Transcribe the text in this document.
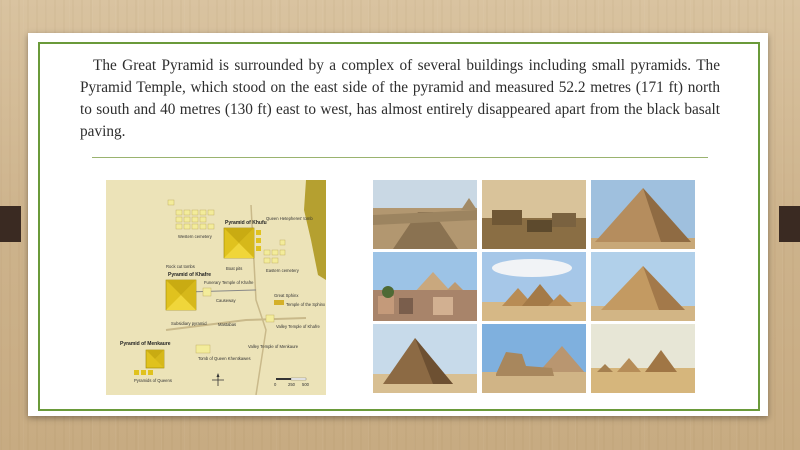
The Great Pyramid is surrounded by a complex of several buildings including small pyramids. The Pyramid Temple, which stood on the east side of the pyramid and measured 52.2 metres (171 ft) north to south and 40 metres (130 ft) east to west, has almost entirely disappeared apart from the black basalt paving.

Western cemetery
Pyramid of Khufu
Eastern cemetery
Queen Hetepheres' tomb
Pyramid of Khafre
Funerary Temple of Khafre
Great Sphinx
Temple of the Sphinx
Valley Temple of Khafre
Pyramid of Menkaure
Pyramids of Queens
Mastabas
Tomb of Queen Khentkawes
Valley Temple of Menkaure
Subsidiary pyramid
Rock cut tombs	Boat pits
Causeway
0	250 500
